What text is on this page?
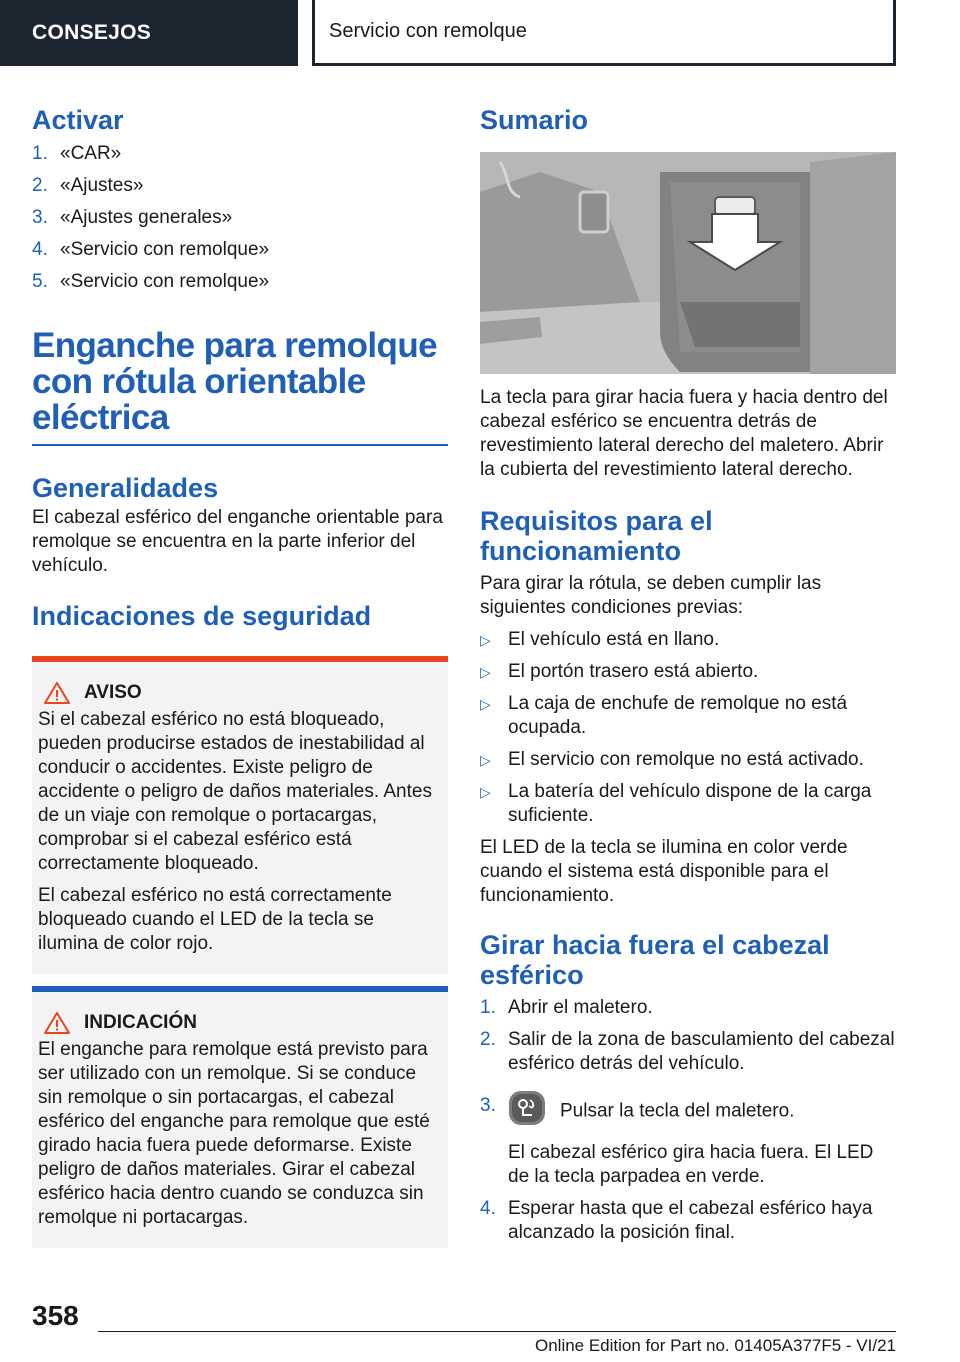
CONSEJOS	Servicio con remolque
Activar
1. «CAR»
2. «Ajustes»
3. «Ajustes generales»
4. «Servicio con remolque»
5. «Servicio con remolque»
Enganche para remolque con rótula orientable eléctrica
Generalidades
El cabezal esférico del enganche orientable para remolque se encuentra en la parte inferior del vehículo.
Indicaciones de seguridad
AVISO
Si el cabezal esférico no está bloqueado, pueden producirse estados de inestabilidad al conducir o accidentes. Existe peligro de accidente o peligro de daños materiales. Antes de un viaje con remolque o portacargas, comprobar si el cabezal esférico está correctamente bloqueado.
El cabezal esférico no está correctamente bloqueado cuando el LED de la tecla se ilumina de color rojo.
INDICACIÓN
El enganche para remolque está previsto para ser utilizado con un remolque. Si se conduce sin remolque o sin portacargas, el cabezal esférico del enganche para remolque que esté girado hacia fuera puede deformarse. Existe peligro de daños materiales. Girar el cabezal esférico hacia dentro cuando se conduzca sin remolque ni portacargas.
Sumario
La tecla para girar hacia fuera y hacia dentro del cabezal esférico se encuentra detrás de revestimiento lateral derecho del maletero. Abrir la cubierta del revestimiento lateral derecho.
Requisitos para el funcionamiento
Para girar la rótula, se deben cumplir las siguientes condiciones previas:
▷ El vehículo está en llano.
▷ El portón trasero está abierto.
▷ La caja de enchufe de remolque no está ocupada.
▷ El servicio con remolque no está activado.
▷ La batería del vehículo dispone de la carga suficiente.
El LED de la tecla se ilumina en color verde cuando el sistema está disponible para el funcionamiento.
Girar hacia fuera el cabezal esférico
1. Abrir el maletero.
2. Salir de la zona de basculamiento del cabezal esférico detrás del vehículo.
3.	Pulsar la tecla del maletero.
El cabezal esférico gira hacia fuera. El LED de la tecla parpadea en verde.
4. Esperar hasta que el cabezal esférico haya alcanzado la posición final.
358
Online Edition for Part no. 01405A377F5 - VI/21
